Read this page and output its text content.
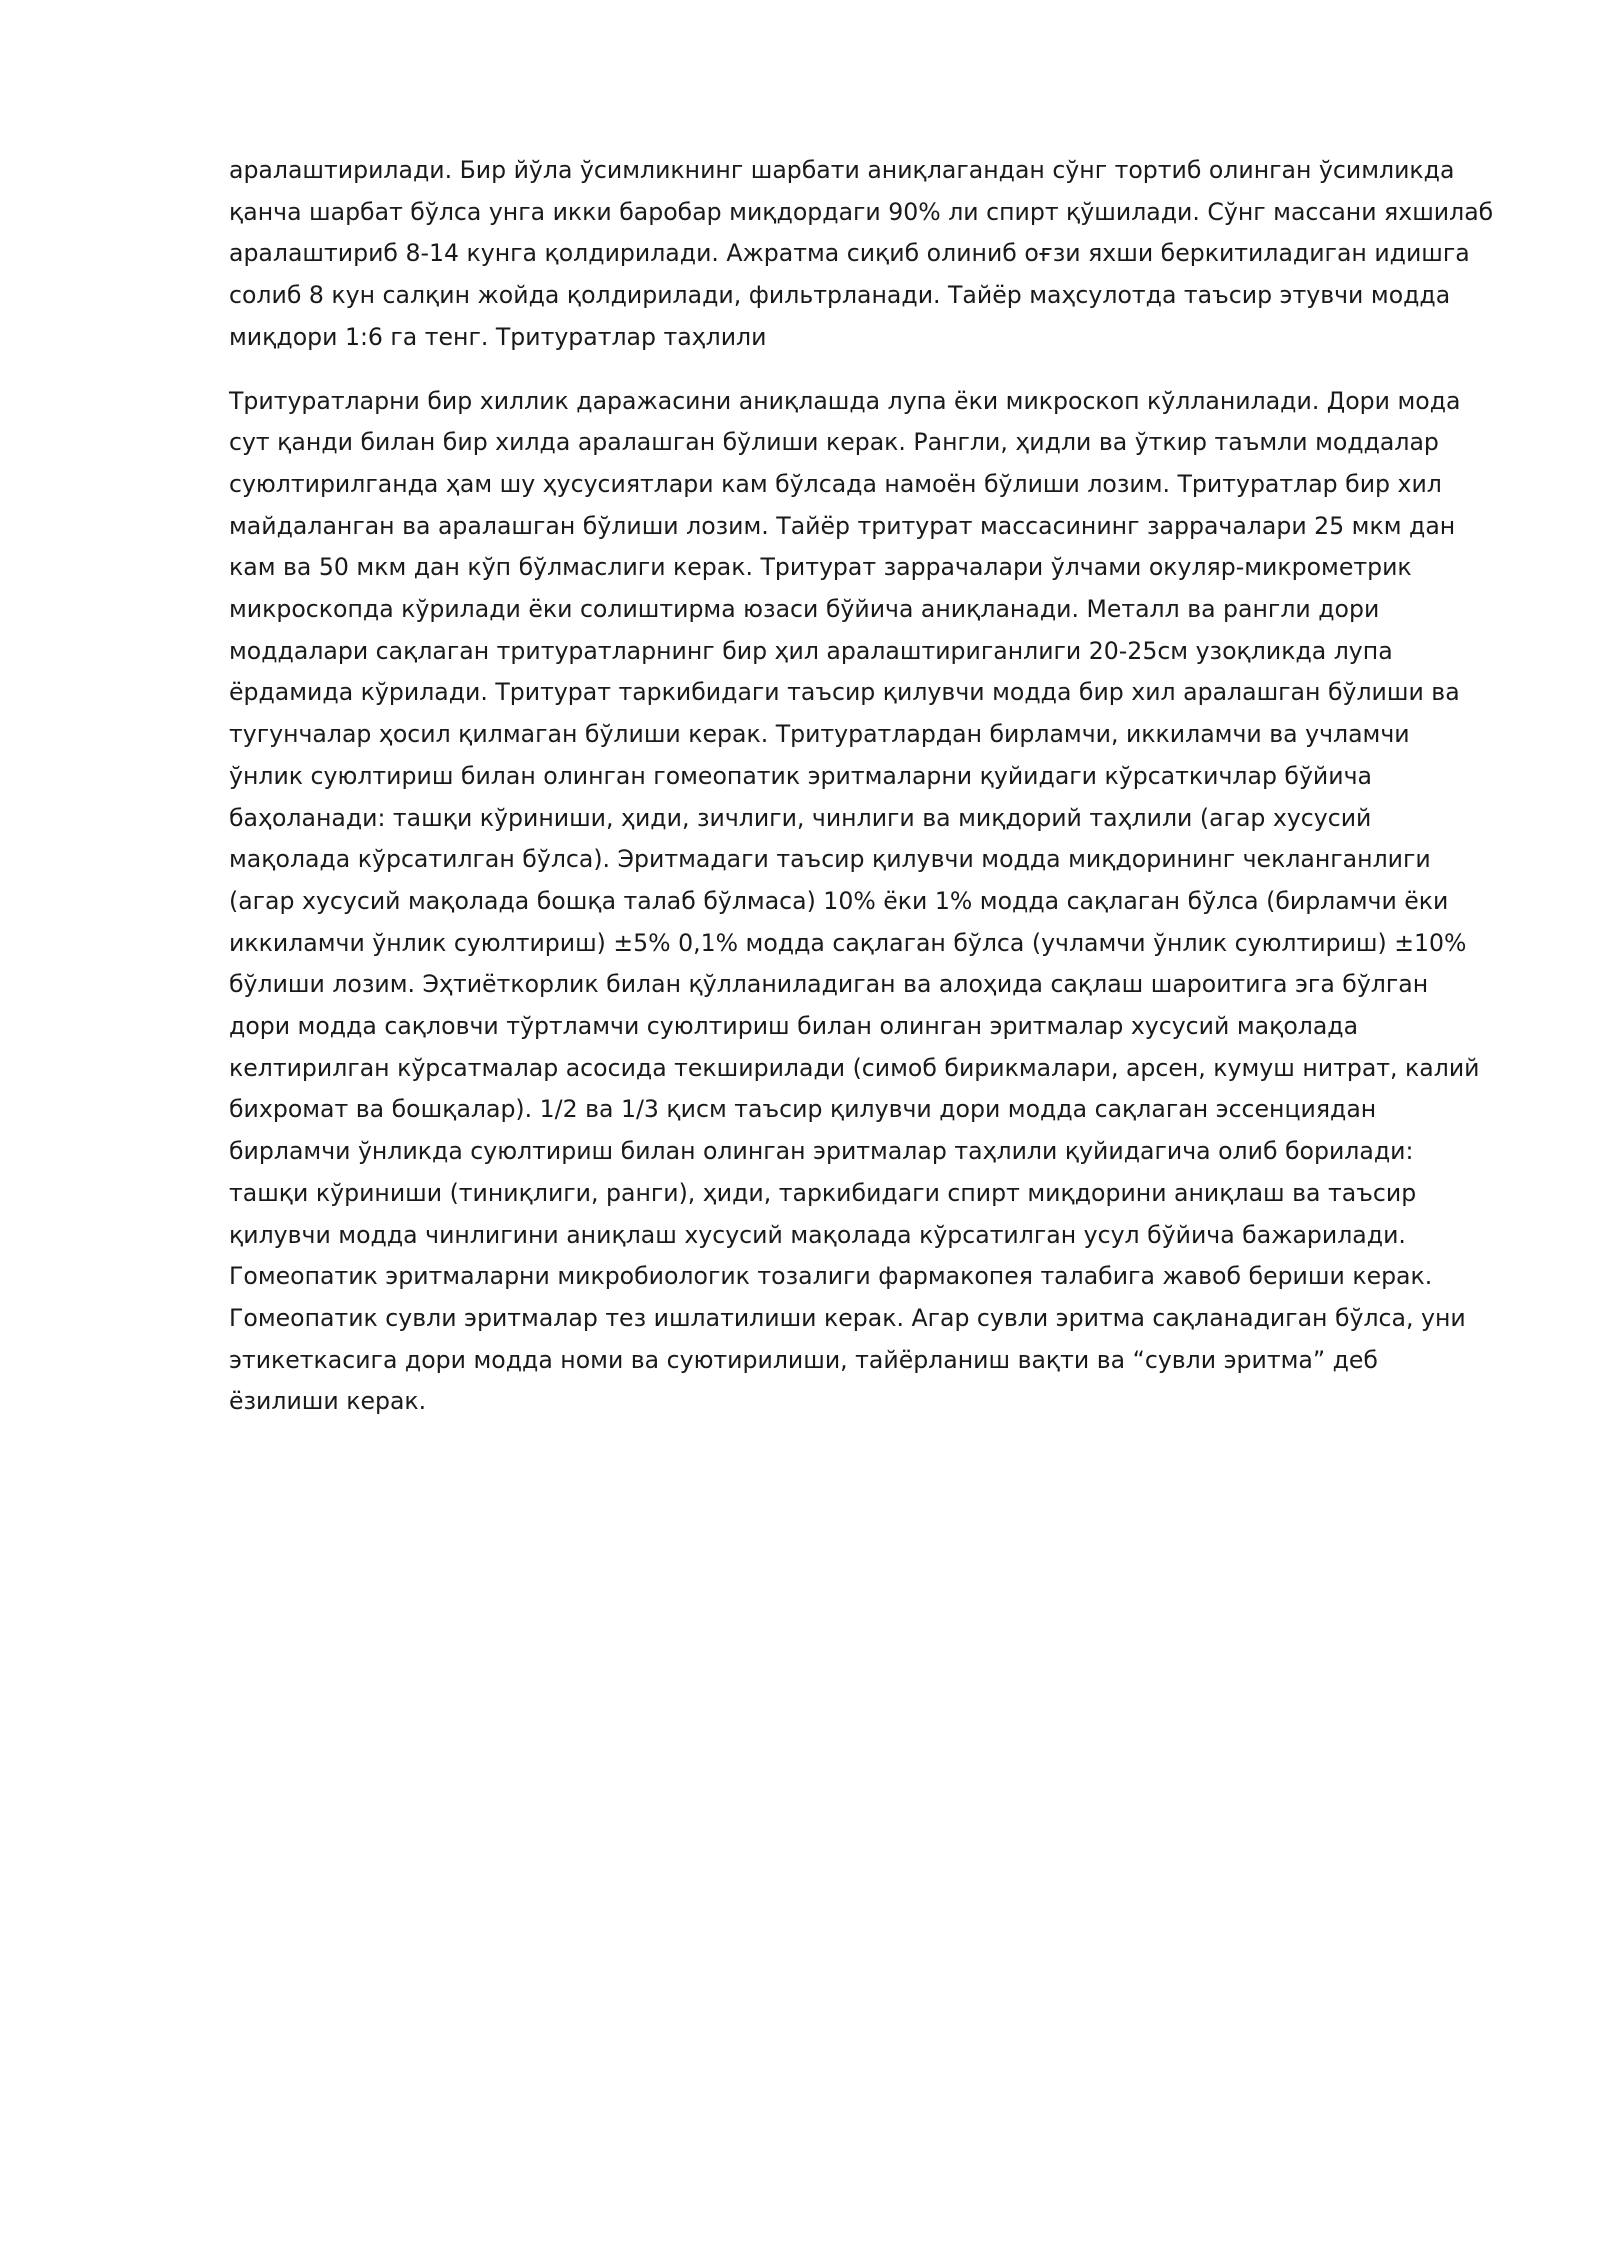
аралаштирилади. Бир йўла ўсимликнинг шарбати аниқлагандан сўнг тортиб олинган ўсимликда

қанча шарбат бўлса унга икки баробар миқдордаги 90% ли спирт қўшилади. Сўнг массани яхшилаб

аралаштириб 8-14 кунга қолдирилади. Ажратма сиқиб олиниб оғзи яхши беркитиладиган идишга

солиб 8 кун салқин жойда қолдирилади, фильтрланади. Тайёр маҳсулотда таъсир этувчи модда

миқдори 1:6 га тенг. Тритуратлар таҳлили

Тритуратларни бир хиллик даражасини аниқлашда лупа ёки микроскоп кўлланилади. Дори мода

сут қанди билан бир хилда аралашган бўлиши керак. Рангли, ҳидли ва ўткир таъмли моддалар

суюлтирилганда ҳам шу ҳусусиятлари кам бўлсада намоён бўлиши лозим. Тритуратлар бир хил

майдаланган ва аралашган бўлиши лозим. Тайёр тритурат массасининг заррачалари 25 мкм дан

кам ва 50 мкм дан кўп бўлмаслиги керак. Тритурат заррачалари ўлчами окуляр-микрометрик

микроскопда кўрилади ёки солиштирма юзаси бўйича аниқланади. Металл ва рангли дори

моддалари сақлаган тритуратларнинг бир ҳил аралаштириганлиги 20-25см узоқликда лупа

ёрдамида кўрилади. Тритурат таркибидаги таъсир қилувчи модда бир хил аралашган бўлиши ва

тугунчалар ҳосил қилмаган бўлиши керак. Тритуратлардан бирламчи, иккиламчи ва учламчи

ўнлик суюлтириш билан олинган гомеопатик эритмаларни қуйидаги кўрсаткичлар бўйича

баҳоланади: ташқи кўриниши, ҳиди, зичлиги, чинлиги ва миқдорий таҳлили (агар хусусий

мақолада кўрсатилган бўлса). Эритмадаги таъсир қилувчи модда миқдорининг чекланганлиги

(агар хусусий мақолада бошқа талаб бўлмаса) 10% ёки 1% модда сақлаган бўлса (бирламчи ёки

иккиламчи ўнлик суюлтириш) ±5% 0,1% модда сақлаган бўлса (учламчи ўнлик суюлтириш) ±10%

бўлиши лозим. Эҳтиёткорлик билан қўлланиладиган ва алоҳида сақлаш шароитига эга бўлган

дори модда сақловчи тўртламчи суюлтириш билан олинган эритмалар хусусий мақолада

келтирилган кўрсатмалар асосида текширилади (симоб бирикмалари, арсен, кумуш нитрат, калий

бихромат ва бошқалар). 1/2 ва 1/3 қисм таъсир қилувчи дори модда сақлаган эссенциядан

бирламчи ўнликда суюлтириш билан олинган эритмалар таҳлили қуйидагича олиб борилади:

ташқи кўриниши (тиниқлиги, ранги), ҳиди, таркибидаги спирт миқдорини аниқлаш ва таъсир

қилувчи модда чинлигини аниқлаш хусусий мақолада кўрсатилган усул бўйича бажарилади.

Гомеопатик эритмаларни микробиологик тозалиги фармакопея талабига жавоб бериши керак.

Гомеопатик сувли эритмалар тез ишлатилиши керак. Агар сувли эритма сақланадиган бўлса, уни

этикеткасига дори модда номи ва суютирилиши, тайёрланиш вақти ва “сувли эритма” деб

ёзилиши керак.
